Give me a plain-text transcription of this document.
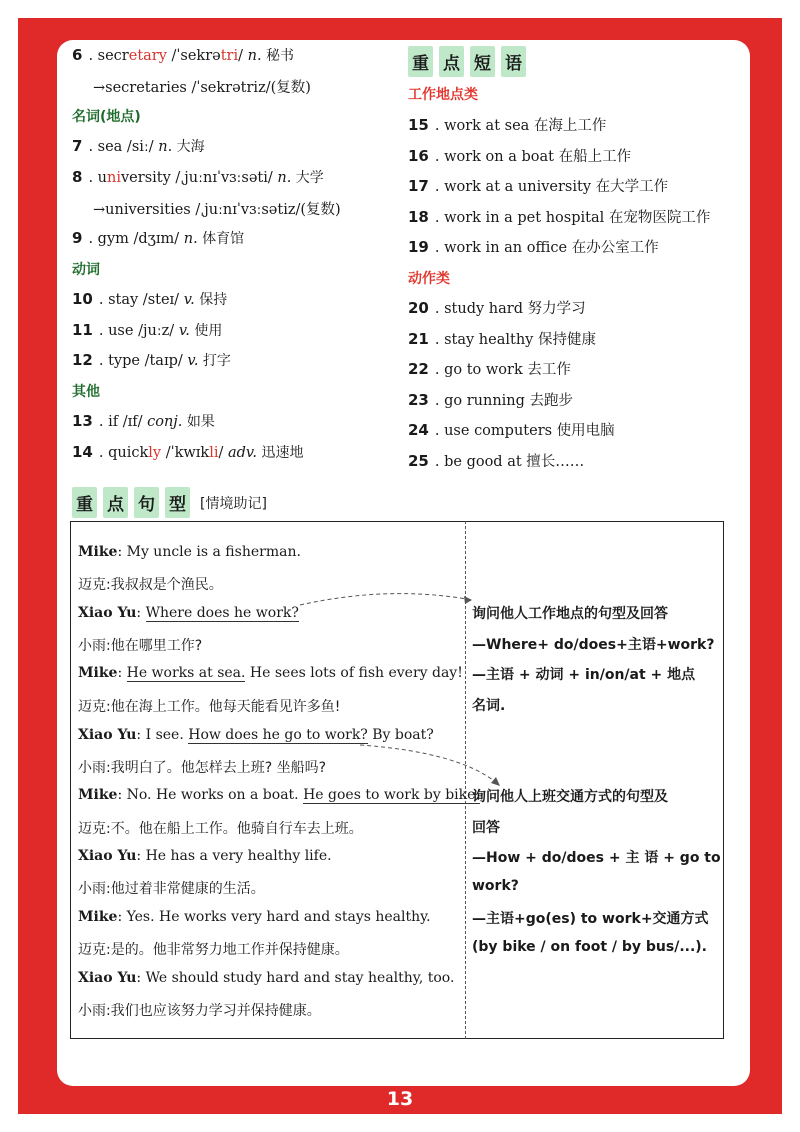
6 . secretary /ˈsekrətri/ n. 秘书
→secretaries /ˈsekrətriz/(复数)
名词(地点)
7 . sea /siː/ n. 大海
8 . university /ˌjuːnɪˈvɜːsəti/ n. 大学
→universities /ˌjuːnɪˈvɜːsətiz/(复数)
9 . gym /dʒɪm/ n. 体育馆
动词
10 . stay /steɪ/ v. 保持
11 . use /juːz/ v. 使用
12 . type /taɪp/ v. 打字
其他
13 . if /ɪf/ conj. 如果
14 . quickly /ˈkwɪkli/ adv. 迅速地
重 点 短 语
工作地点类
15 . work at sea 在海上工作
16 . work on a boat 在船上工作
17 . work at a university 在大学工作
18 . work in a pet hospital 在宠物医院工作
19 . work in an office 在办公室工作
动作类
20 . study hard 努力学习
21 . stay healthy 保持健康
22 . go to work 去工作
23 . go running 去跑步
24 . use computers 使用电脑
25 . be good at 擅长……
重 点 句 型 [情境助记]
Mike: My uncle is a fisherman.
迈克:我叔叔是个渔民。
Xiao Yu: Where does he work?
小雨:他在哪里工作?
Mike: He works at sea. He sees lots of fish every day!
迈克:他在海上工作。他每天能看见许多鱼!
Xiao Yu: I see. How does he go to work? By boat?
小雨:我明白了。他怎样去上班? 坐船吗?
Mike: No. He works on a boat. He goes to work by bike.
迈克:不。他在船上工作。他骑自行车去上班。
Xiao Yu: He has a very healthy life.
小雨:他过着非常健康的生活。
Mike: Yes. He works very hard and stays healthy.
迈克:是的。他非常努力地工作并保持健康。
Xiao Yu: We should study hard and stay healthy, too.
小雨:我们也应该努力学习并保持健康。
询问他人工作地点的句型及回答
—Where+ do/does+主语+work?
—主语 + 动词 + in/on/at + 地点
名词.
询问他人上班交通方式的句型及
回答
—How + do/does + 主 语 + go to
work?
—主语+go(es) to work+交通方式
(by bike / on foot / by bus/...).
13
